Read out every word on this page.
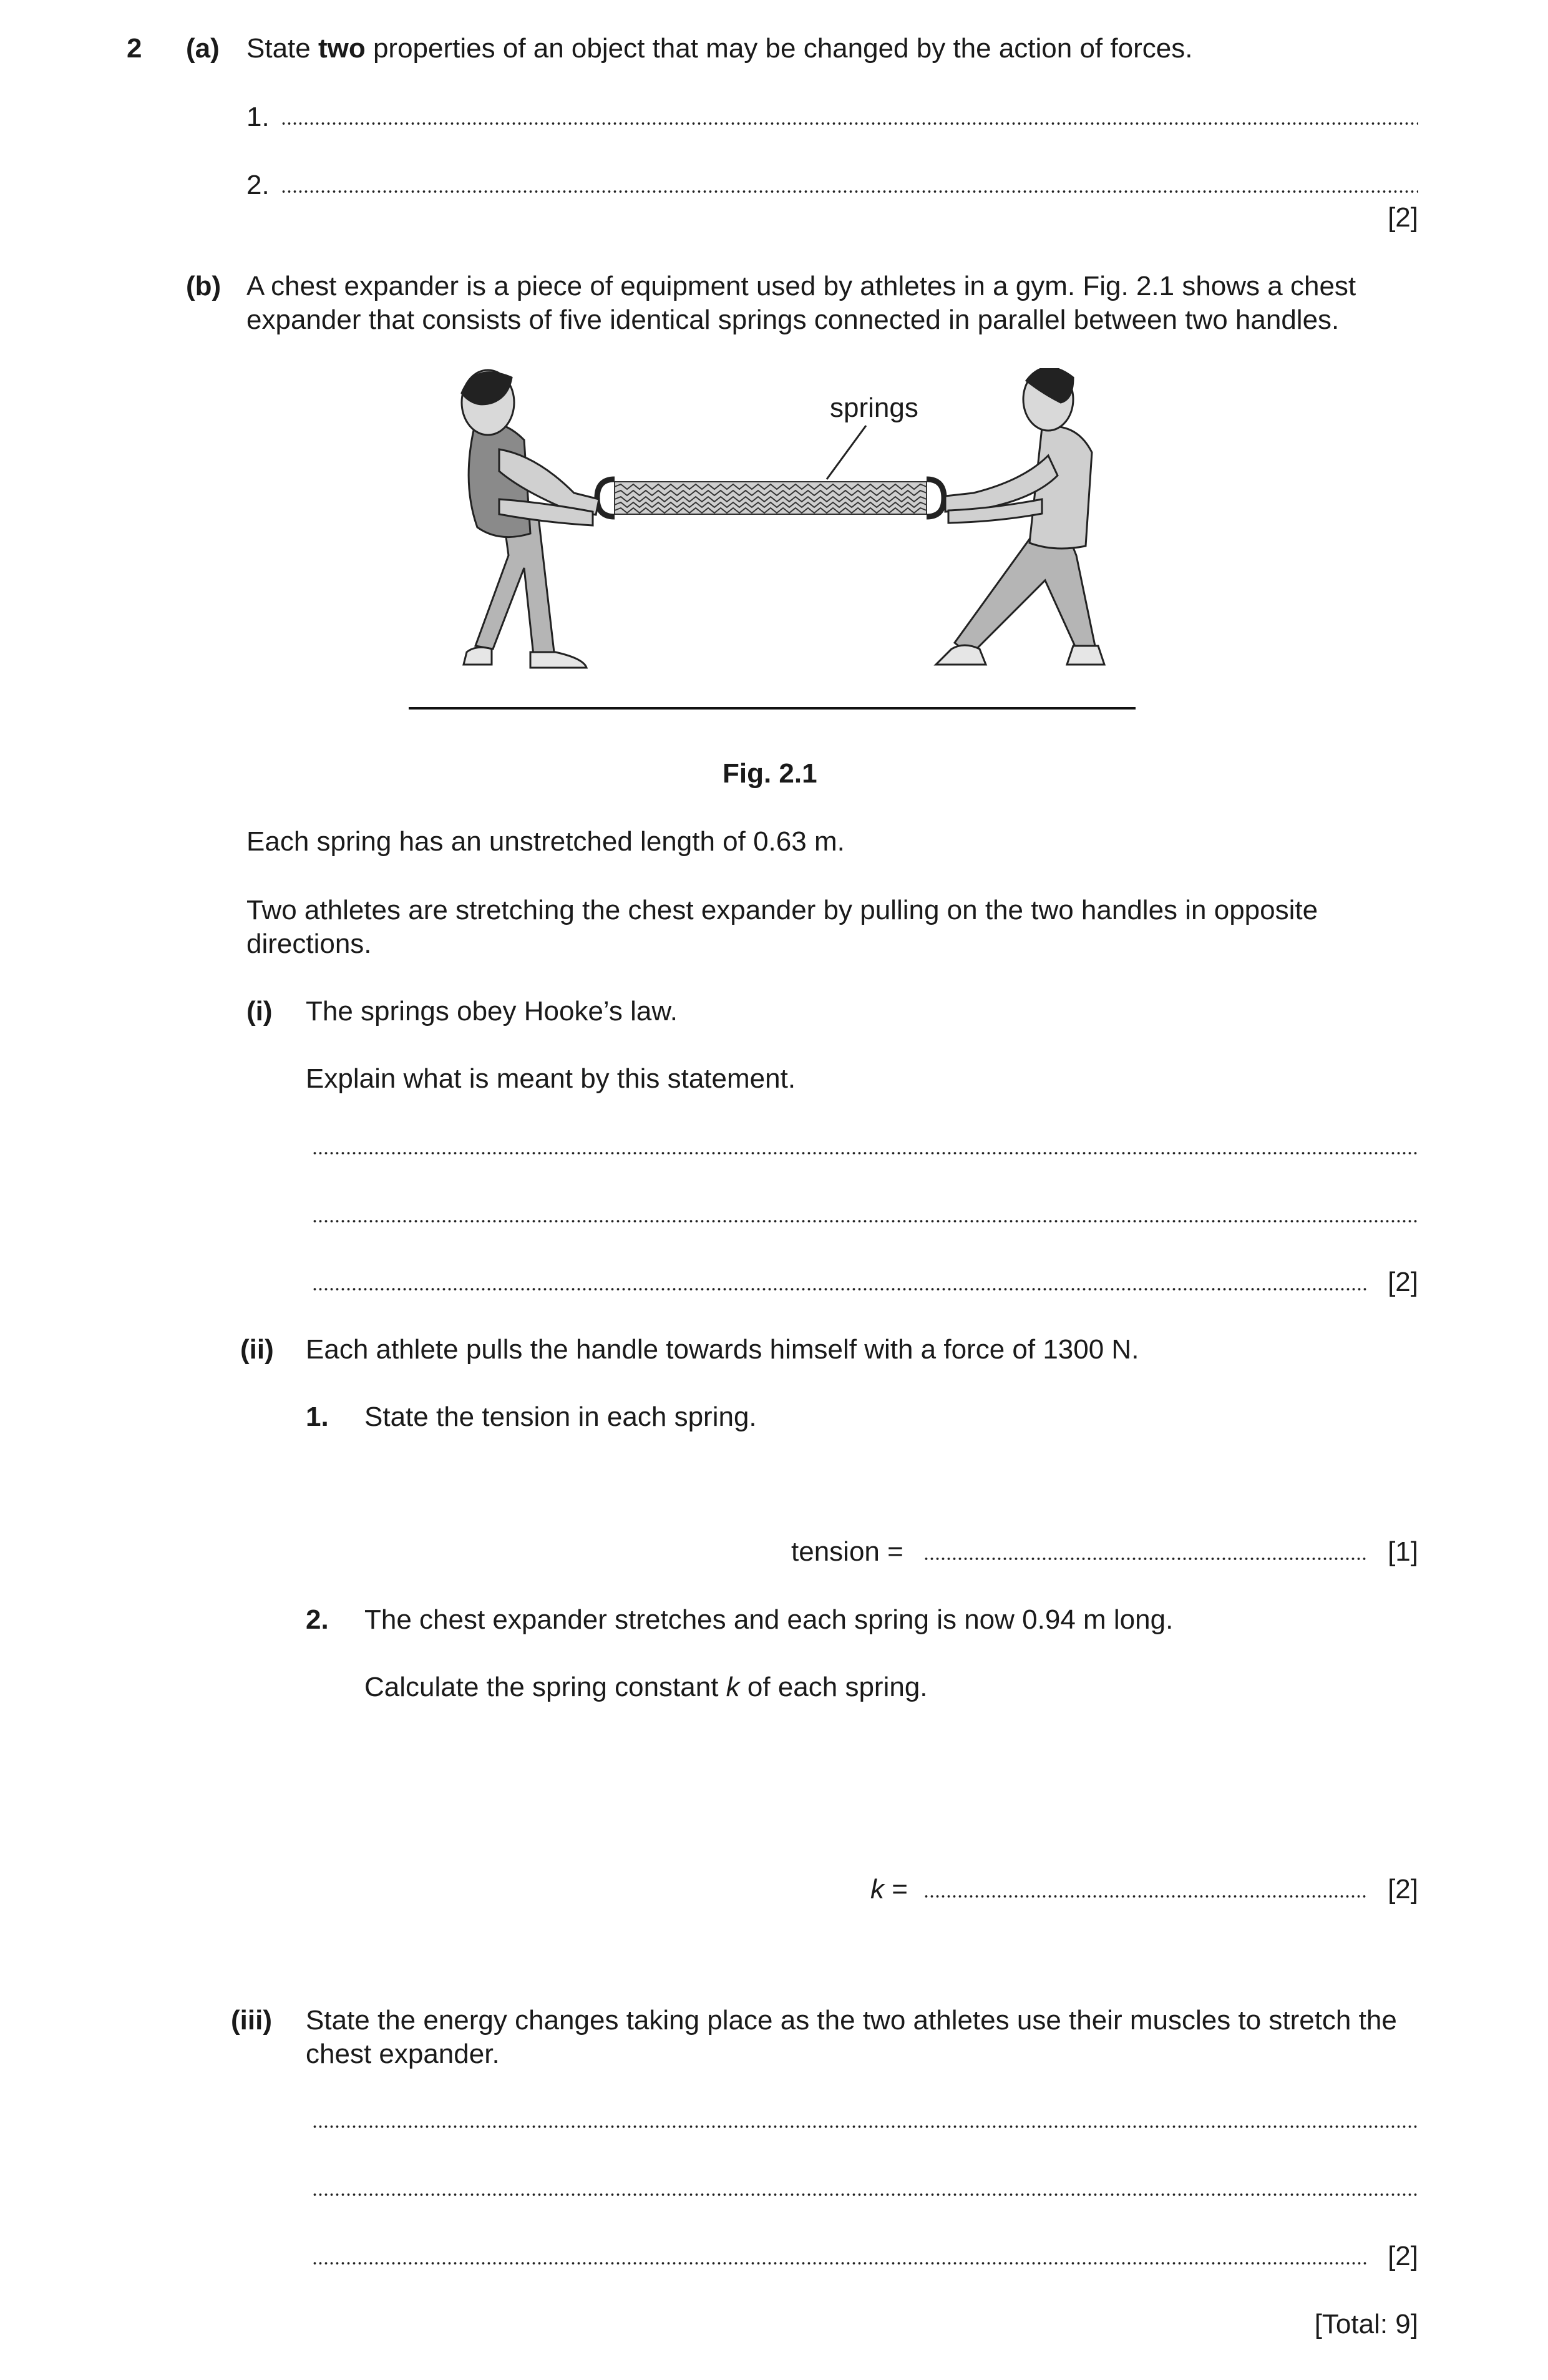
2 (a) State two properties of an object that may be changed by the action of forces.
1.
2.
[2]
(b) A chest expander is a piece of equipment used by athletes in a gym. Fig. 2.1 shows a chest expander that consists of five identical springs connected in parallel between two handles.
springs
Fig. 2.1
Each spring has an unstretched length of 0.63 m.
Two athletes are stretching the chest expander by pulling on the two handles in opposite directions.
(i) The springs obey Hooke’s law.
Explain what is meant by this statement.
[2]
(ii) Each athlete pulls the handle towards himself with a force of 1300 N.
1. State the tension in each spring.
tension =	[1]
2. The chest expander stretches and each spring is now 0.94 m long.
Calculate the spring constant k of each spring.
k =	[2]
(iii) State the energy changes taking place as the two athletes use their muscles to stretch the chest expander.
[2]
[Total: 9]
